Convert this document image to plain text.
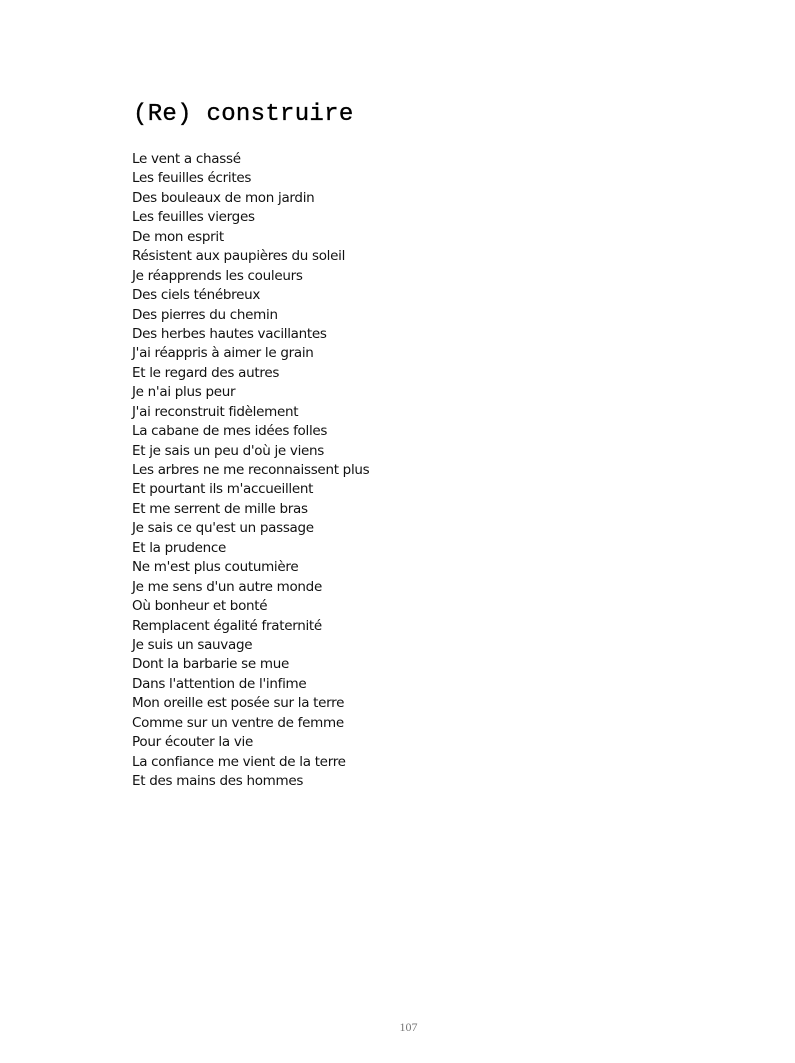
(Re) construire
Le vent a chassé
Les feuilles écrites
Des bouleaux de mon jardin
Les feuilles vierges
De mon esprit
Résistent aux paupières du soleil
Je réapprends les couleurs
Des ciels ténébreux
Des pierres du chemin
Des herbes hautes vacillantes
J'ai réappris à aimer le grain
Et le regard des autres
Je n'ai plus peur
J'ai reconstruit fidèlement
La cabane de mes idées folles
Et je sais un peu d'où je viens
Les arbres ne me reconnaissent plus
Et pourtant ils m'accueillent
Et me serrent de mille bras
Je sais ce qu'est un passage
Et la prudence
Ne m'est plus coutumière
Je me sens d'un autre monde
Où bonheur et bonté
Remplacent égalité fraternité
Je suis un sauvage
Dont la barbarie se mue
Dans l'attention de l'infime
Mon oreille est posée sur la terre
Comme sur un ventre de femme
Pour écouter la vie
La confiance me vient de la terre
Et des mains des hommes
107
